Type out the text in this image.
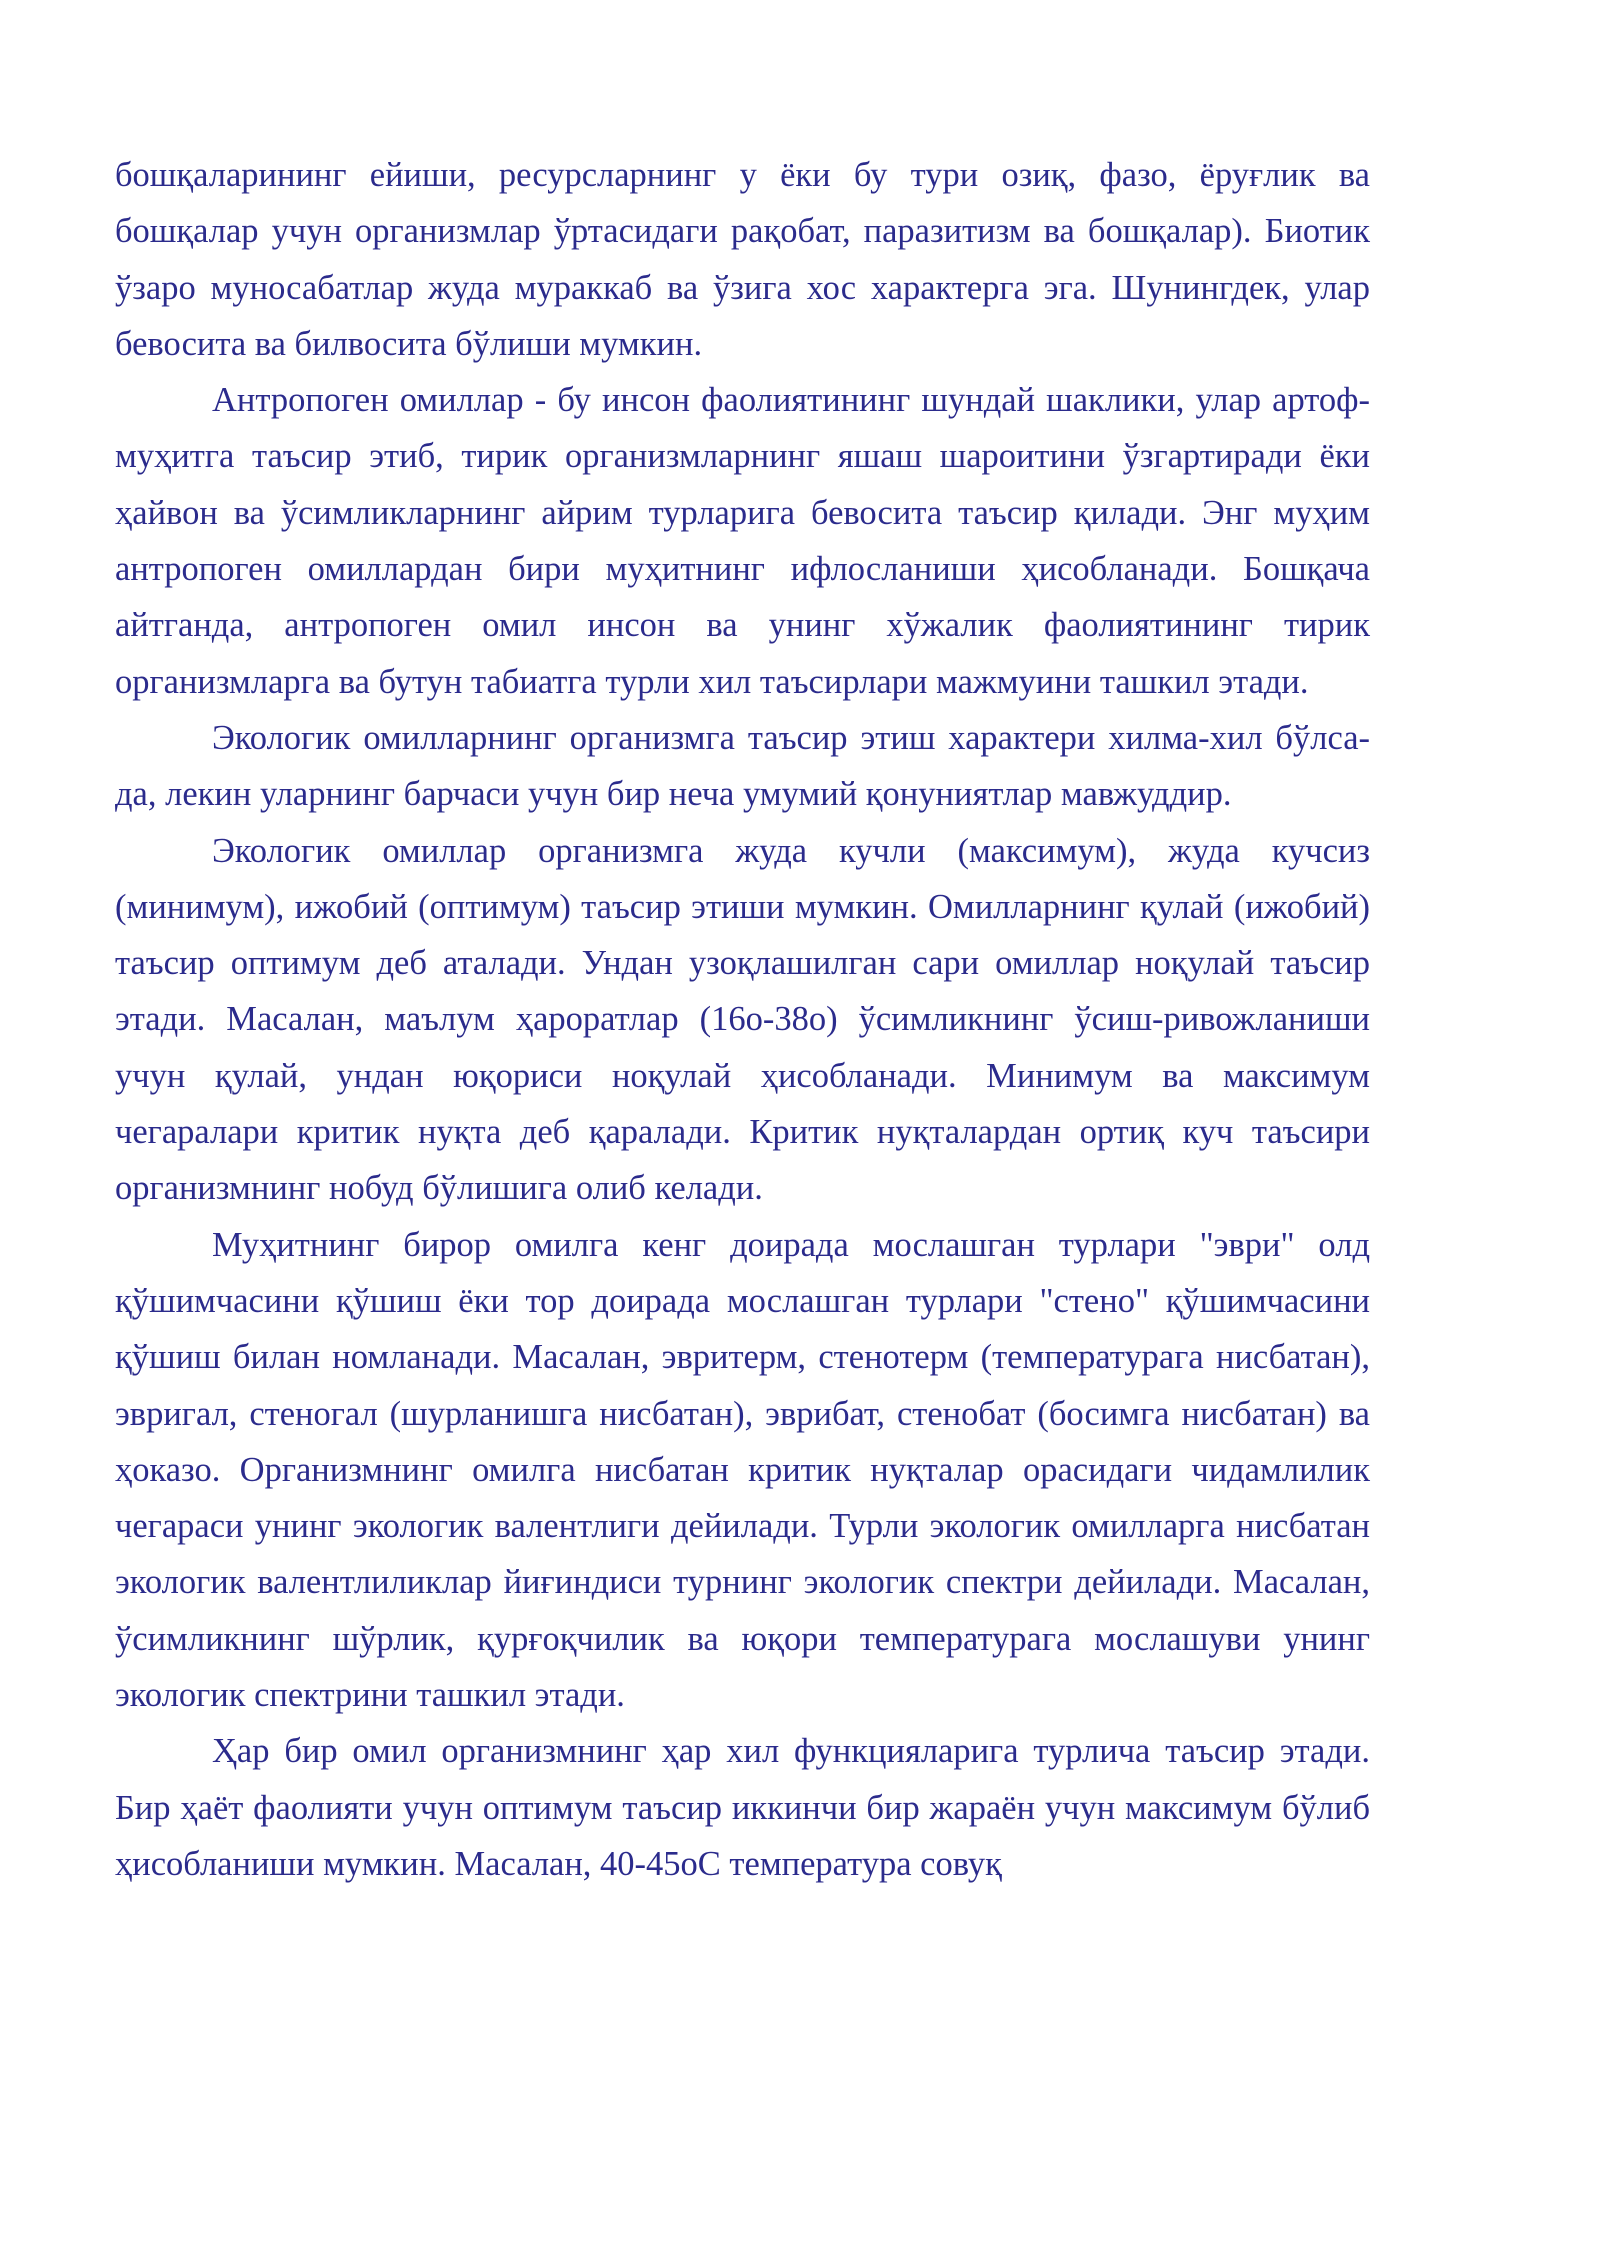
бошқаларининг ейиши, ресурсларнинг у ёки бу тури озиқ, фазо, ёруғлик ва бошқалар учун организмлар ўртасидаги рақобат, паразитизм ва бошқалар). Биотик ўзаро муносабатлар жуда мураккаб ва ўзига хос характерга эга. Шунингдек, улар бевосита ва билвосита бўлиши мумкин.

Антропоген омиллар - бу инсон фаолиятининг шундай шаклики, улар артоф-муҳитга таъсир этиб, тирик организмларнинг яшаш шароитини ўзгартиради ёки ҳайвон ва ўсимликларнинг айрим турларига бевосита таъсир қилади. Энг муҳим антропоген омиллардан бири муҳитнинг ифлосланиши ҳисобланади. Бошқача айтганда, антропоген омил инсон ва унинг хўжалик фаолиятининг тирик организмларга ва бутун табиатга турли хил таъсирлари мажмуини ташкил этади.

Экологик омилларнинг организмга таъсир этиш характери хилма-хил бўлса-да, лекин уларнинг барчаси учун бир неча умумий қонуниятлар мавжуддир.

Экологик омиллар организмга жуда кучли (максимум), жуда кучсиз (минимум), ижобий (оптимум) таъсир этиши мумкин. Омилларнинг қулай (ижобий) таъсир оптимум деб аталади. Ундан узоқлашилган сари омиллар ноқулай таъсир этади. Масалан, маълум ҳароратлар (16о-38о) ўсимликнинг ўсиш-ривожланиши учун қулай, ундан юқориси ноқулай ҳисобланади. Минимум ва максимум чегаралари критик нуқта деб қаралади. Критик нуқталардан ортиқ куч таъсири организмнинг нобуд бўлишига олиб келади.

Муҳитнинг бирор омилга кенг доирада мослашган турлари "эври" олд қўшимчасини қўшиш ёки тор доирада мослашган турлари "стено" қўшимчасини қўшиш билан номланади. Масалан, эвритерм, стенотерм (температурага нисбатан), эвригал, стеногал (шурланишга нисбатан), эврибат, стенобат (босимга нисбатан) ва ҳоказо. Организмнинг омилга нисбатан критик нуқталар орасидаги чидамлилик чегараси унинг экологик валентлиги дейилади. Турли экологик омилларга нисбатан экологик валентлиликлар йиғиндиси турнинг экологик спектри дейилади. Масалан, ўсимликнинг шўрлик, қурғоқчилик ва юқори температурага мослашуви унинг экологик спектрини ташкил этади.

Ҳар бир омил организмнинг ҳар хил функцияларига турлича таъсир этади. Бир ҳаёт фаолияти учун оптимум таъсир иккинчи бир жараён учун максимум бўлиб ҳисобланиши мумкин. Масалан, 40-45оС температура совуқ
